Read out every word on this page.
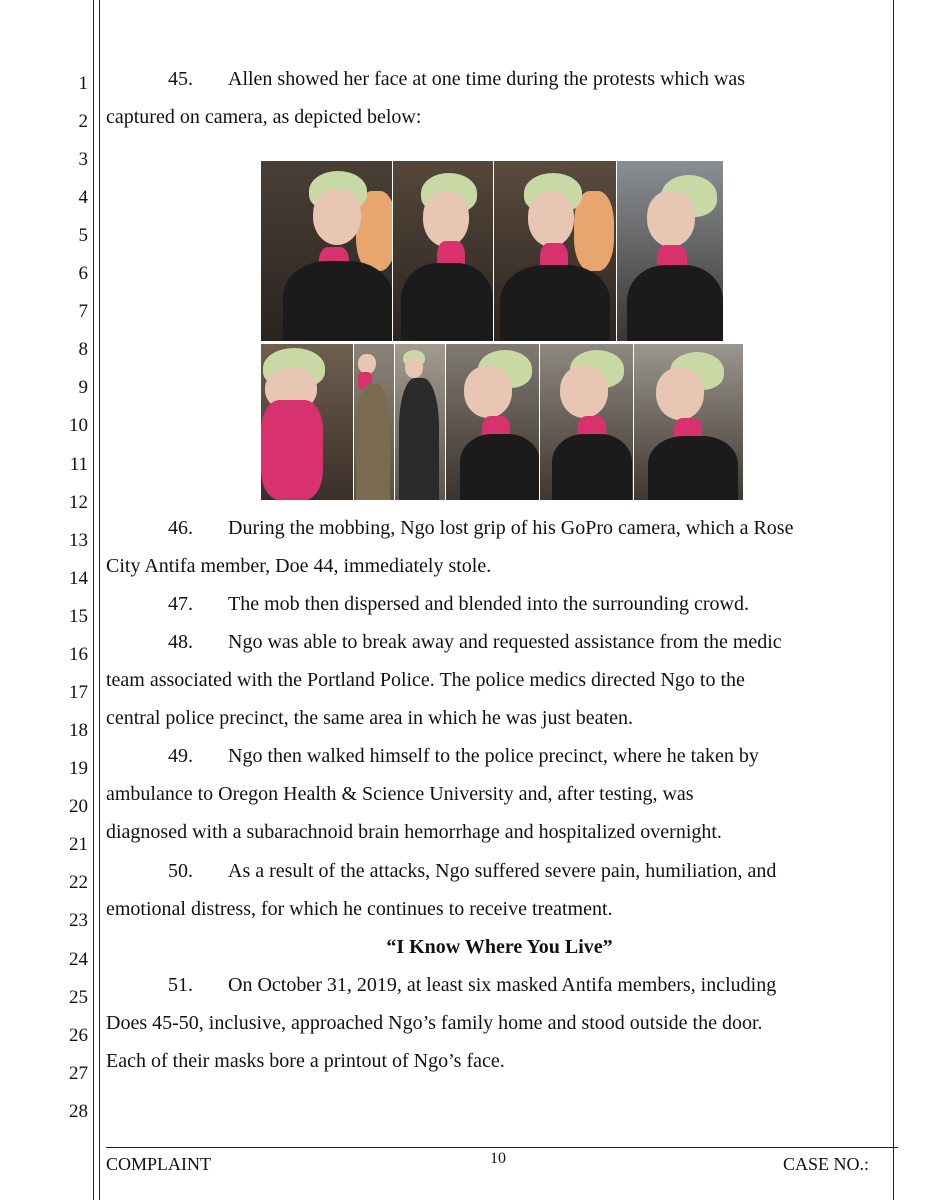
1
2
3
4
5
6
7
8
9
10
11
12
13
14
15
16
17
18
19
20
21
22
23
24
25
26
27
28
45. Allen showed her face at one time during the protests which was
captured on camera, as depicted below:
46. During the mobbing, Ngo lost grip of his GoPro camera, which a Rose
City Antifa member, Doe 44, immediately stole.
47. The mob then dispersed and blended into the surrounding crowd.
48. Ngo was able to break away and requested assistance from the medic
team associated with the Portland Police. The police medics directed Ngo to the
central police precinct, the same area in which he was just beaten.
49. Ngo then walked himself to the police precinct, where he taken by
ambulance to Oregon Health & Science University and, after testing, was
diagnosed with a subarachnoid brain hemorrhage and hospitalized overnight.
50. As a result of the attacks, Ngo suffered severe pain, humiliation, and
emotional distress, for which he continues to receive treatment.
“I Know Where You Live”
51. On October 31, 2019, at least six masked Antifa members, including
Does 45-50, inclusive, approached Ngo’s family home and stood outside the door.
Each of their masks bore a printout of Ngo’s face.
COMPLAINT	10	CASE NO.:
